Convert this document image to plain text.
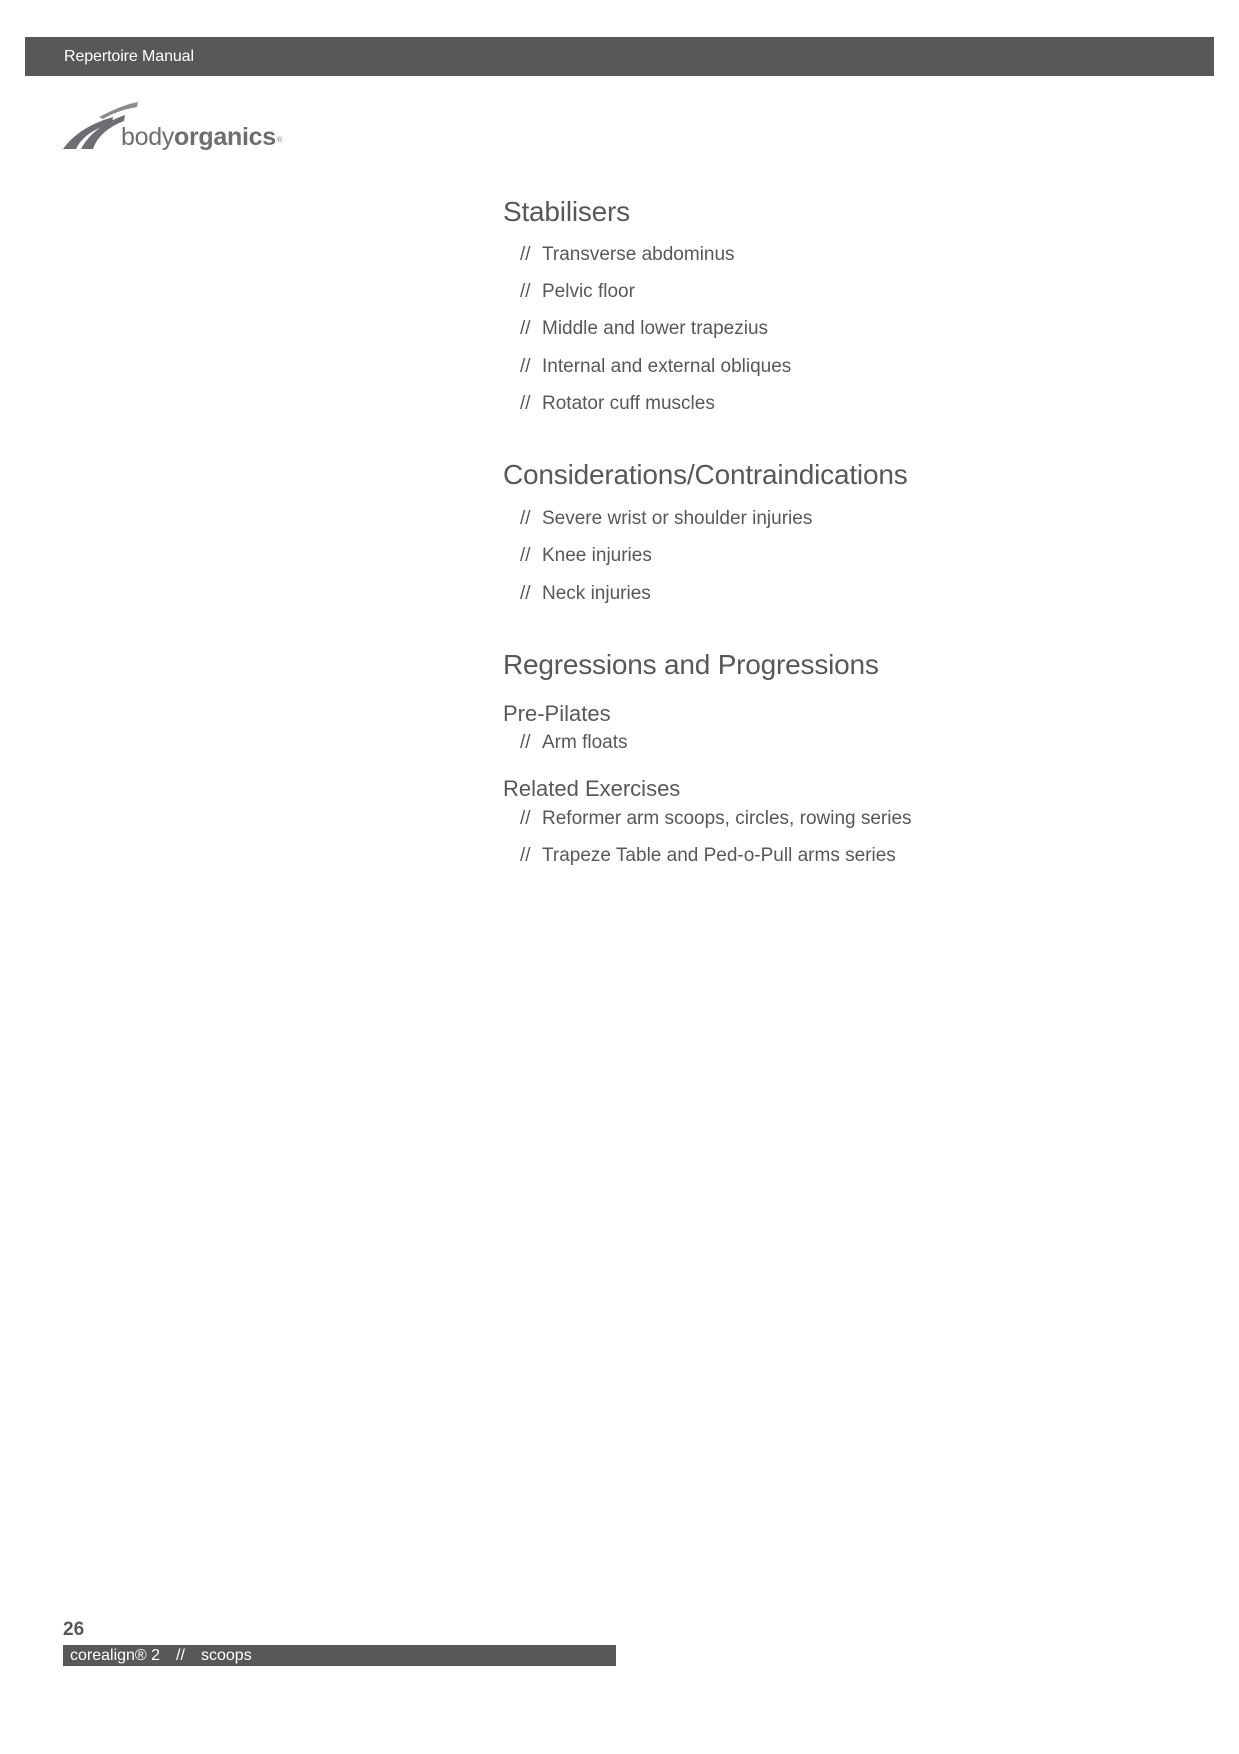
Repertoire Manual
bodyorganics®
Stabilisers
// Transverse abdominus
// Pelvic floor
// Middle and lower trapezius
// Internal and external obliques
// Rotator cuff muscles
Considerations/Contraindications
// Severe wrist or shoulder injuries
// Knee injuries
// Neck injuries
Regressions and Progressions
Pre-Pilates
// Arm floats
Related Exercises
// Reformer arm scoops, circles, rowing series
// Trapeze Table and Ped-o-Pull arms series
26
corealign® 2 // scoops
